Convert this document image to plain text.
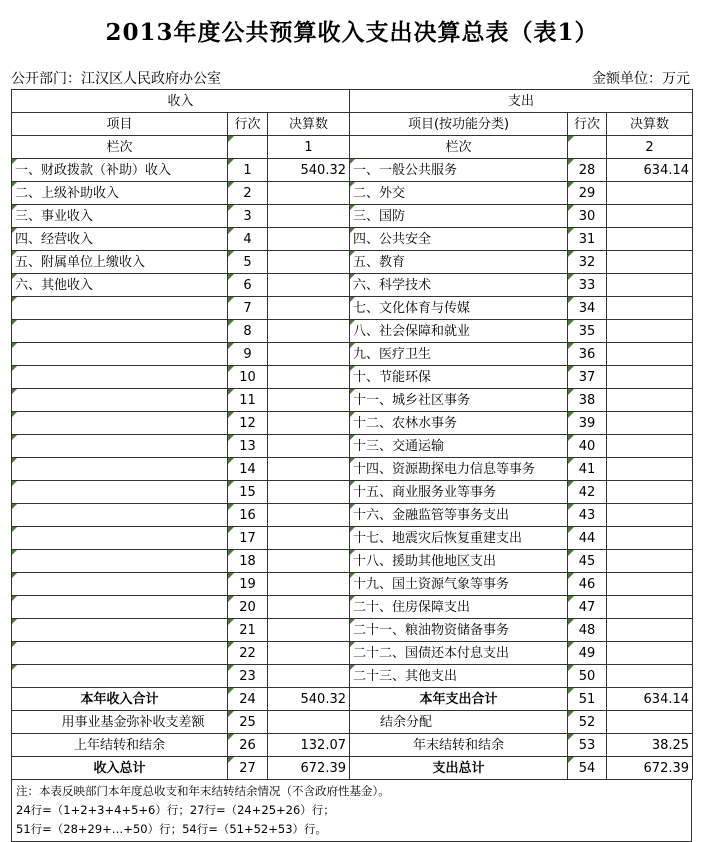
2013年度公共预算收入支出决算总表（表1）
公开部门：江汉区人民政府办公室	金额单位：万元
收入			支出		
项目	行次	决算数	项目(按功能分类)	行次	决算数
栏次		1	栏次		2
一、财政拨款（补助）收入	1	540.32	一、一般公共服务	28	634.14
二、上级补助收入	2		二、外交	29	
三、事业收入	3		三、国防	30	
四、经营收入	4		四、公共安全	31	
五、附属单位上缴收入	5		五、教育	32	
六、其他收入	6		六、科学技术	33	
	7		七、文化体育与传媒	34	
	8		八、社会保障和就业	35	
	9		九、医疗卫生	36	
	10		十、节能环保	37	
	11		十一、城乡社区事务	38	
	12		十二、农林水事务	39	
	13		十三、交通运输	40	
	14		十四、资源勘探电力信息等事务	41	
	15		十五、商业服务业等事务	42	
	16		十六、金融监管等事务支出	43	
	17		十七、地震灾后恢复重建支出	44	
	18		十八、援助其他地区支出	45	
	19		十九、国土资源气象等事务	46	
	20		二十、住房保障支出	47	
	21		二十一、粮油物资储备事务	48	
	22		二十二、国债还本付息支出	49	
	23		二十三、其他支出	50	
本年收入合计	24	540.32	本年支出合计	51	634.14
用事业基金弥补收支差额	25		结余分配	52	
上年结转和结余	26	132.07	年末结转和结余	53	38.25
收入总计	27	672.39	支出总计	54	672.39
注：本表反映部门本年度总收支和年末结转结余情况（不含政府性基金）。
24行=（1+2+3+4+5+6）行；27行=（24+25+26）行；
51行=（28+29+…+50）行；54行=（51+52+53）行。
